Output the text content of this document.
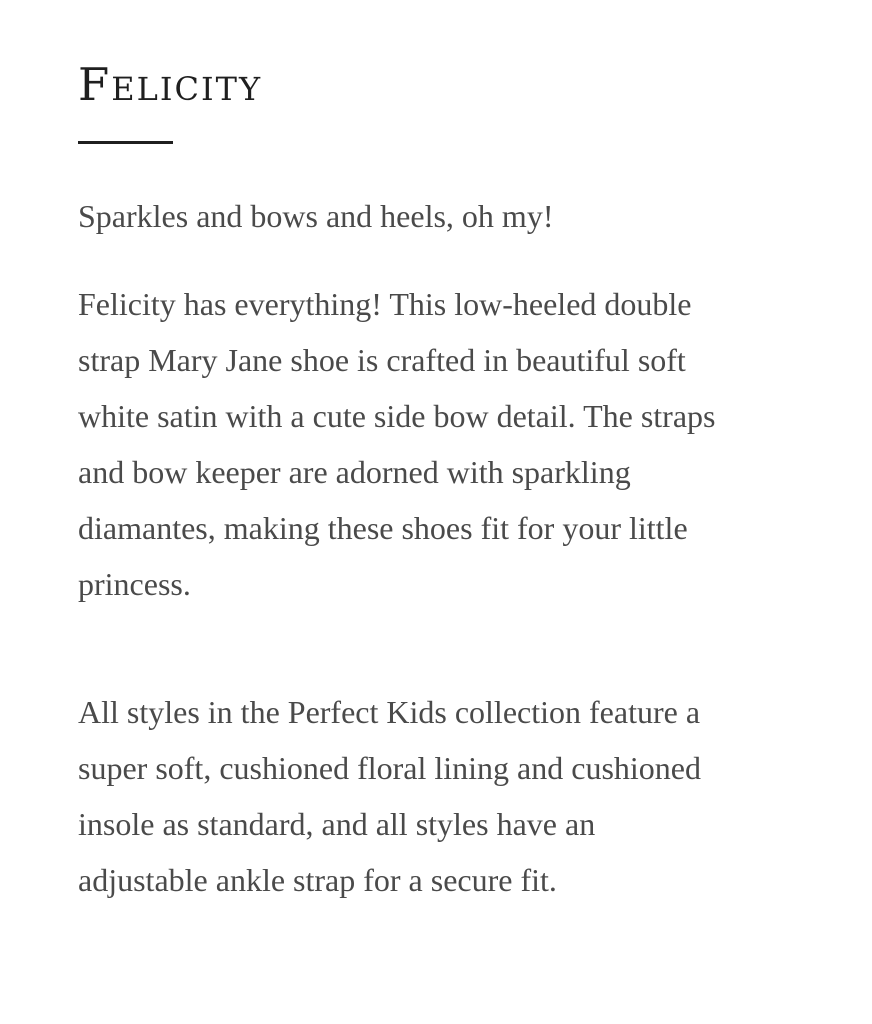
Felicity

Sparkles and bows and heels, oh my!

Felicity has everything! This low-heeled double strap Mary Jane shoe is crafted in beautiful soft white satin with a cute side bow detail. The straps and bow keeper are adorned with sparkling diamantes, making these shoes fit for your little princess.

All styles in the Perfect Kids collection feature a super soft, cushioned floral lining and cushioned insole as standard, and all styles have an adjustable ankle strap for a secure fit.
